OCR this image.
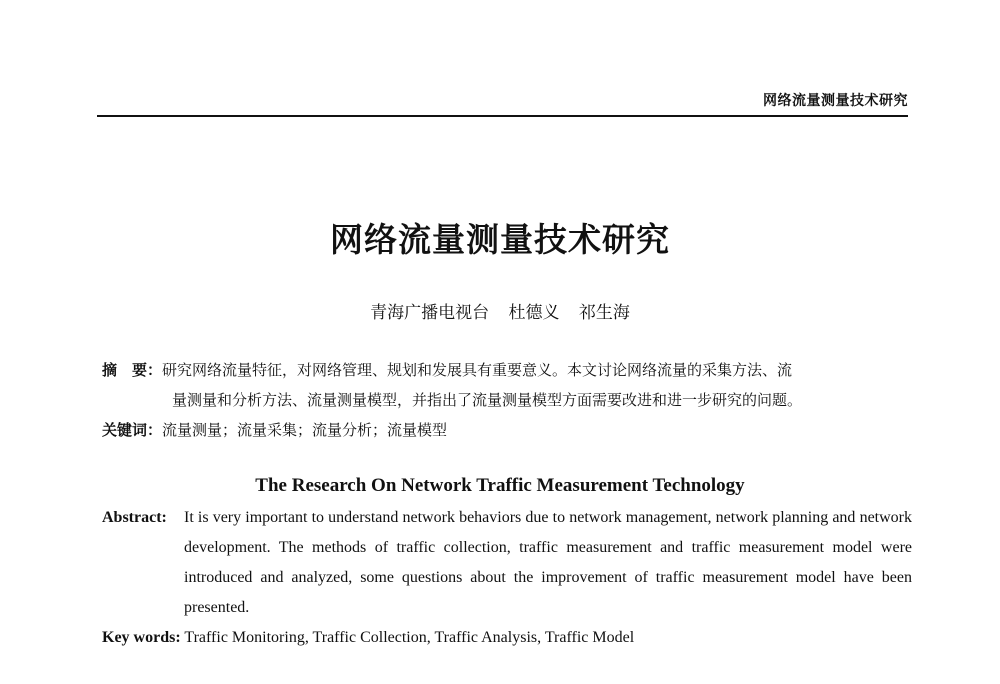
网络流量测量技术研究
网络流量测量技术研究
青海广播电视台 杜德义 祁生海
摘　要：研究网络流量特征，对网络管理、规划和发展具有重要意义。本文讨论网络流量的采集方法、流
量测量和分析方法、流量测量模型，并指出了流量测量模型方面需要改进和进一步研究的问题。
关键词：流量测量；流量采集；流量分析；流量模型
The Research On Network Traffic Measurement Technology
Abstract:	It is very important to understand network behaviors due to network management, network planning and network development. The methods of traffic collection, traffic measurement and traffic measurement model were introduced and analyzed, some questions about the improvement of traffic measurement model have been presented.
Key words: Traffic Monitoring, Traffic Collection, Traffic Analysis, Traffic Model
